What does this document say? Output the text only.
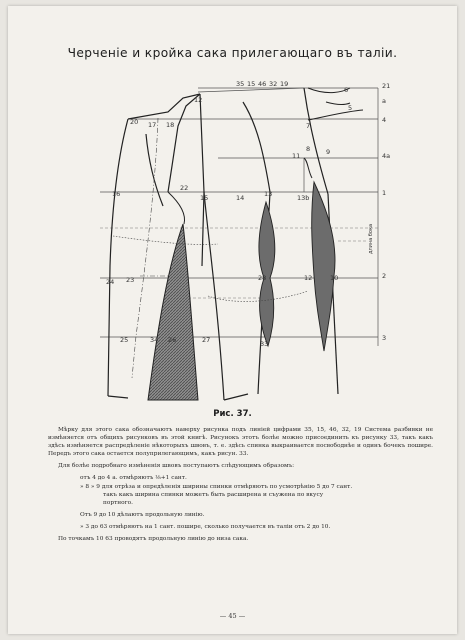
Черченіе и кройка сака прилегающаго въ таліи.
35 15 46 32 19	21
6
5
a
4
20 17 18
12
7
11
8 9	4a
16
22
14	13	1
15	13b
2
23
24	10
12
28
25	34 26	33
27	3
длина бока
Рис. 37.

Мѣрку для этого сака обозначаютъ наверху рисунка подъ линіей цифрами 35, 15, 46, 32, 19 Система разбивки не измѣняется отъ общихъ рисунковъ въ этой книгѣ. Рисунокъ этотъ болѣе можно присоединить къ рисунку 33, такъ какъ здѣсь измѣняется распредѣленіе нѣкоторыхъ швовъ, т. е. здѣсь спинка выкраивается посвободнѣе и одинъ бочекъ пошире. Передъ этого сака остается полуприлегающимъ, какъ рисун. 33.

Для болѣе подробнаго измѣненія швовъ поступаютъ слѣдующимъ образомъ:

отъ 4 до 4 а. отмѣряютъ ⅛+1 сант.

» 8 » 9 для отрѣза и опредѣленія ширины спинки отмѣряютъ по усмотрѣнію 5 до 7 сант.

такъ какъ ширина спинки можетъ быть расширена и съужена по вкусу

портного.

Отъ 9 до 10 дѣлаютъ продольную линію.

» 3 до 63 отмѣряютъ на 1 сант. пошире, сколько получается въ таліи отъ 2 до 10.

По точкамъ 10 63 проводятъ продольную линію до низа сака.

— 45 —
